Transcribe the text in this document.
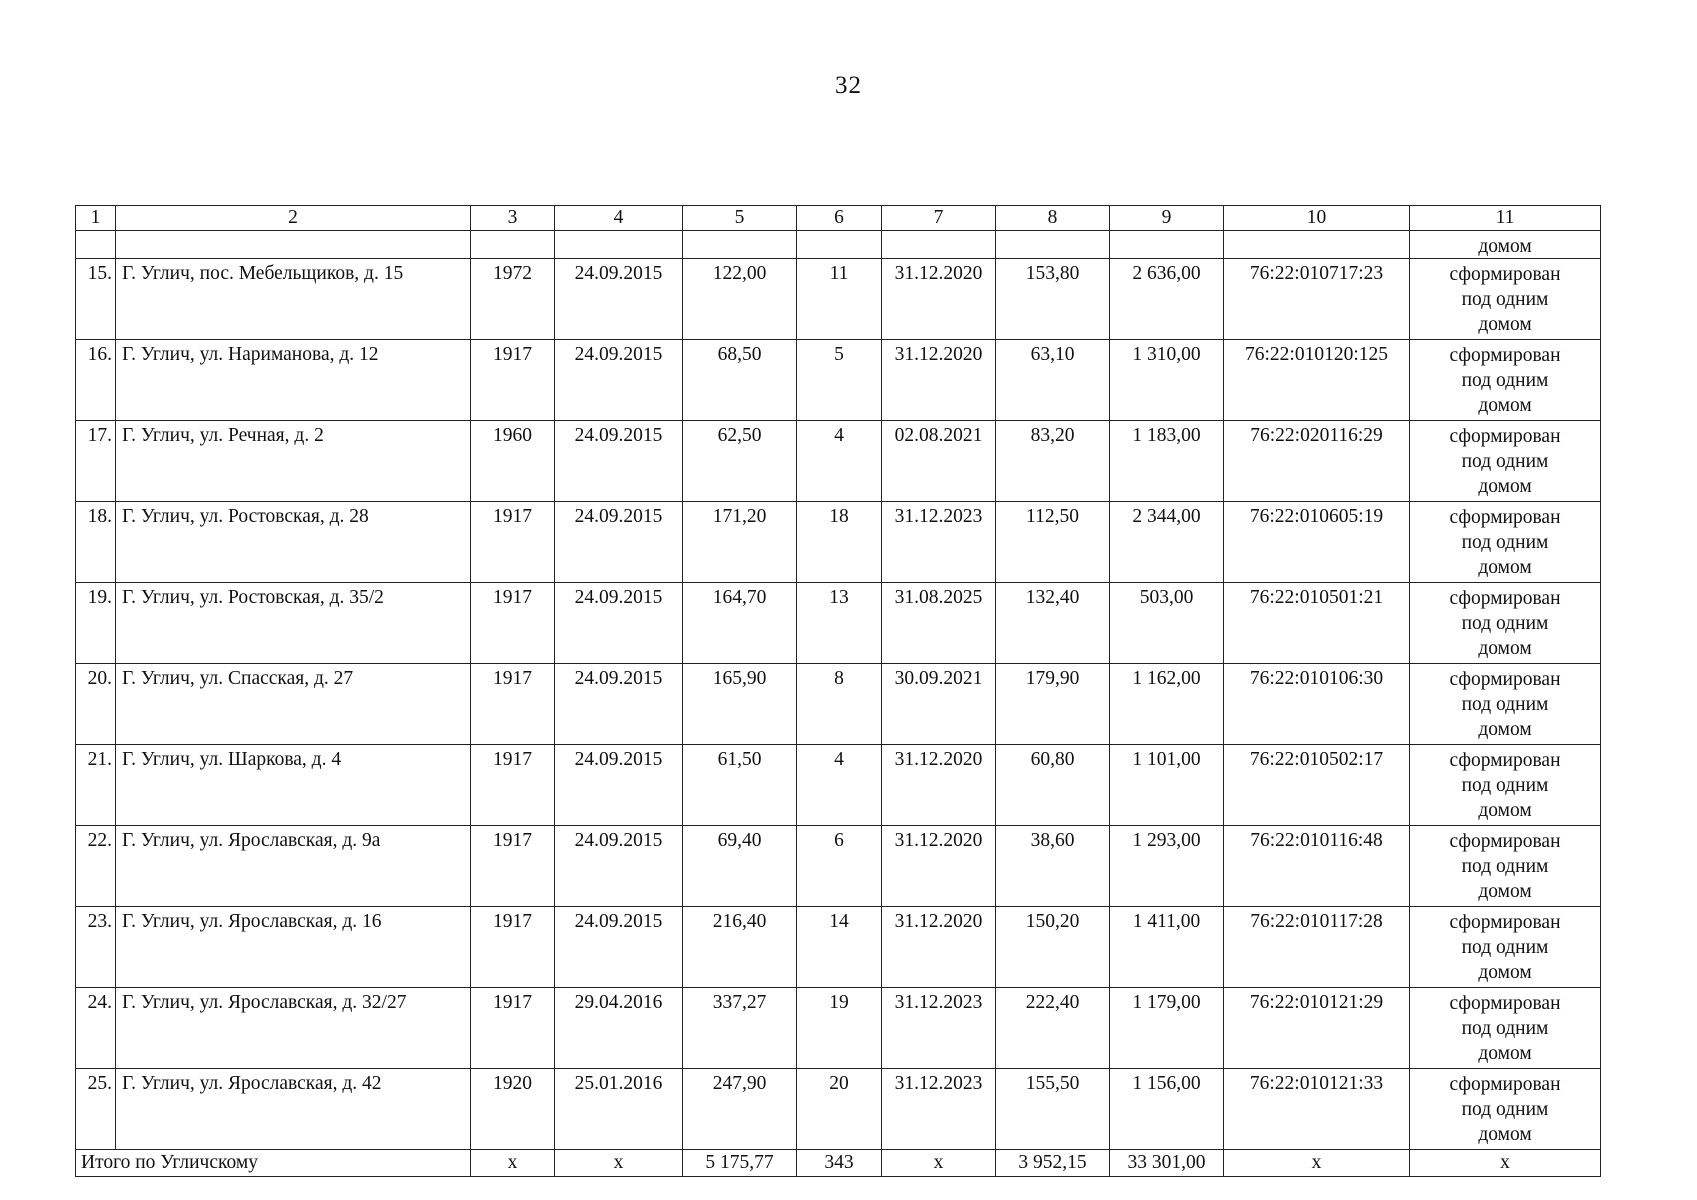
32
1	2	3	4	5	6	7	8	9	10	11
										домом
15.	Г. Углич, пос. Мебельщиков, д. 15	1972	24.09.2015	122,00	11	31.12.2020	153,80	2 636,00	76:22:010717:23	сформирован
под одним
домом

16.	Г. Углич, ул. Нариманова, д. 12	1917	24.09.2015	68,50	5	31.12.2020	63,10	1 310,00	76:22:010120:125	сформирован
под одним
домом

17.	Г. Углич, ул. Речная, д. 2	1960	24.09.2015	62,50	4	02.08.2021	83,20	1 183,00	76:22:020116:29	сформирован
под одним
домом

18.	Г. Углич, ул. Ростовская, д. 28	1917	24.09.2015	171,20	18	31.12.2023	112,50	2 344,00	76:22:010605:19	сформирован
под одним
домом

19.	Г. Углич, ул. Ростовская, д. 35/2	1917	24.09.2015	164,70	13	31.08.2025	132,40	503,00	76:22:010501:21	сформирован
под одним
домом

20.	Г. Углич, ул. Спасская, д. 27	1917	24.09.2015	165,90	8	30.09.2021	179,90	1 162,00	76:22:010106:30	сформирован
под одним
домом

21.	Г. Углич, ул. Шаркова, д. 4	1917	24.09.2015	61,50	4	31.12.2020	60,80	1 101,00	76:22:010502:17	сформирован
под одним
домом

22.	Г. Углич, ул. Ярославская, д. 9а	1917	24.09.2015	69,40	6	31.12.2020	38,60	1 293,00	76:22:010116:48	сформирован
под одним
домом

23.	Г. Углич, ул. Ярославская, д. 16	1917	24.09.2015	216,40	14	31.12.2020	150,20	1 411,00	76:22:010117:28	сформирован
под одним
домом

24.	Г. Углич, ул. Ярославская, д. 32/27	1917	29.04.2016	337,27	19	31.12.2023	222,40	1 179,00	76:22:010121:29	сформирован
под одним
домом

25.	Г. Углич, ул. Ярославская, д. 42	1920	25.01.2016	247,90	20	31.12.2023	155,50	1 156,00	76:22:010121:33	сформирован
под одним
домом

Итого по Угличскому		x	x	5 175,77	343	x	3 952,15	33 301,00	x	x
